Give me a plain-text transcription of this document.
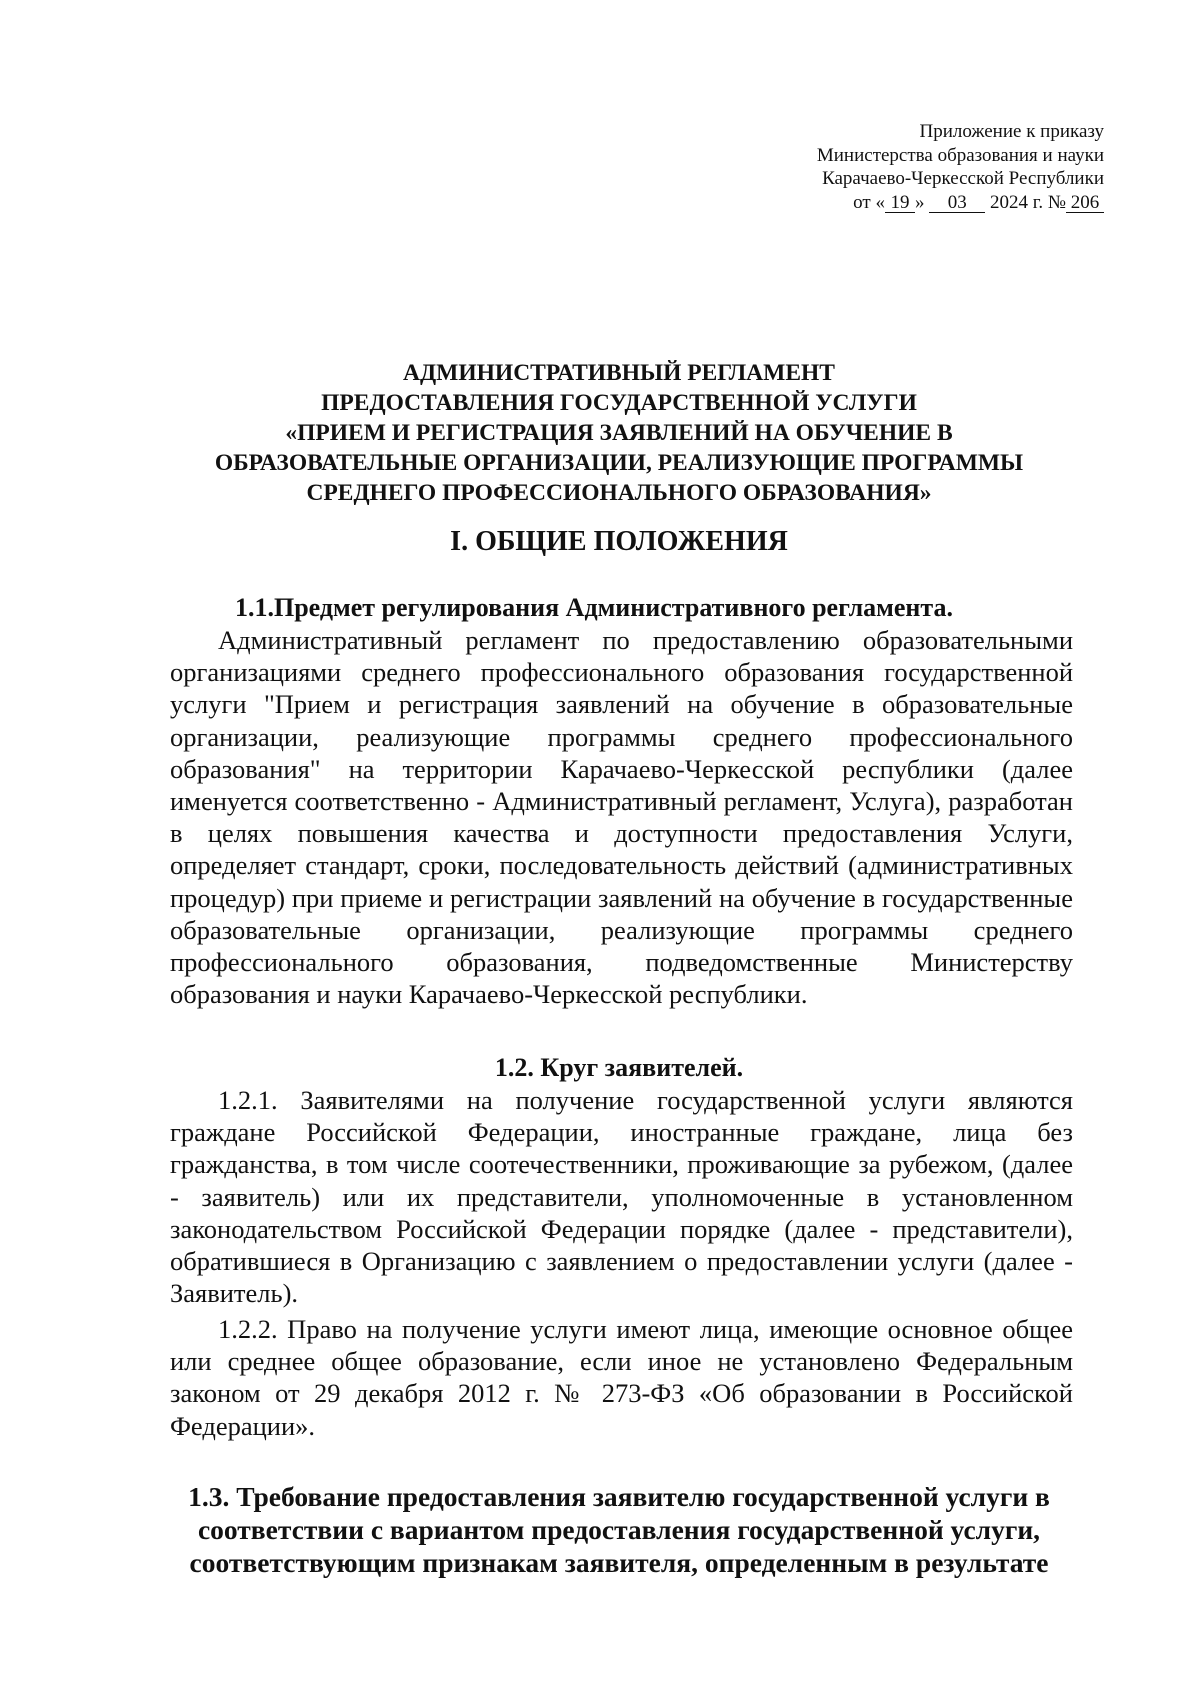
Приложение к приказу
Министерства образования и науки
Карачаево-Черкесской Республики
от « 19 » 03 2024 г. № 206
АДМИНИСТРАТИВНЫЙ РЕГЛАМЕНТ
ПРЕДОСТАВЛЕНИЯ ГОСУДАРСТВЕННОЙ УСЛУГИ
«ПРИЕМ И РЕГИСТРАЦИЯ ЗАЯВЛЕНИЙ НА ОБУЧЕНИЕ В
ОБРАЗОВАТЕЛЬНЫЕ ОРГАНИЗАЦИИ, РЕАЛИЗУЮЩИЕ ПРОГРАММЫ
СРЕДНЕГО ПРОФЕССИОНАЛЬНОГО ОБРАЗОВАНИЯ»
I. ОБЩИЕ ПОЛОЖЕНИЯ
1.1.Предмет регулирования Административного регламента.

Административный регламент по предоставлению образовательными организациями среднего профессионального образования государственной услуги "Прием и регистрация заявлений на обучение в образовательные организации, реализующие программы среднего профессионального образования" на территории Карачаево-Черкесской республики (далее именуется соответственно - Административный регламент, Услуга), разработан в целях повышения качества и доступности предоставления Услуги, определяет стандарт, сроки, последовательность действий (административных процедур) при приеме и регистрации заявлений на обучение в государственные образовательные организации, реализующие программы среднего профессионального образования, подведомственные Министерству образования и науки Карачаево-Черкесской республики.

1.2. Круг заявителей.

1.2.1. Заявителями на получение государственной услуги являются граждане Российской Федерации, иностранные граждане, лица без гражданства, в том числе соотечественники, проживающие за рубежом, (далее - заявитель) или их представители, уполномоченные в установленном законодательством Российской Федерации порядке (далее - представители), обратившиеся в Организацию с заявлением о предоставлении услуги (далее - Заявитель).

1.2.2. Право на получение услуги имеют лица, имеющие основное общее или среднее общее образование, если иное не установлено Федеральным законом от 29 декабря 2012 г. № 273-ФЗ «Об образовании в Российской Федерации».

1.3. Требование предоставления заявителю государственной услуги в
соответствии с вариантом предоставления государственной услуги,
соответствующим признакам заявителя, определенным в результате
